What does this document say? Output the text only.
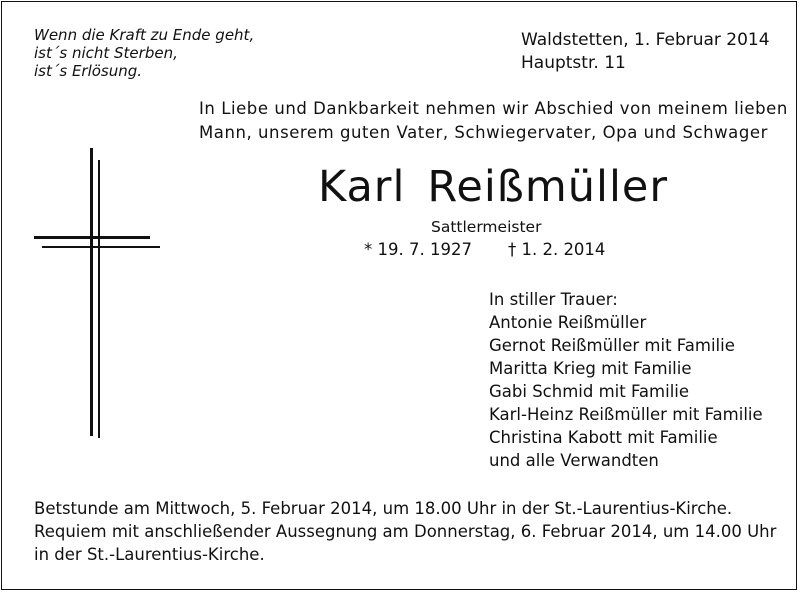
Wenn die Kraft zu Ende geht,
ist´s nicht Sterben,
ist´s Erlösung.
Waldstetten, 1. Februar 2014
Hauptstr. 11
In Liebe und Dankbarkeit nehmen wir Abschied von meinem lieben
Mann, unserem guten Vater, Schwiegervater, Opa und Schwager
Karl Reißmüller
Sattlermeister
* 19. 7. 1927 † 1. 2. 2014
In stiller Trauer:
Antonie Reißmüller
Gernot Reißmüller mit Familie
Maritta Krieg mit Familie
Gabi Schmid mit Familie
Karl-Heinz Reißmüller mit Familie
Christina Kabott mit Familie
und alle Verwandten
Betstunde am Mittwoch, 5. Februar 2014, um 18.00 Uhr in der St.-Laurentius-Kirche.
Requiem mit anschließender Aussegnung am Donnerstag, 6. Februar 2014, um 14.00 Uhr
in der St.-Laurentius-Kirche.
